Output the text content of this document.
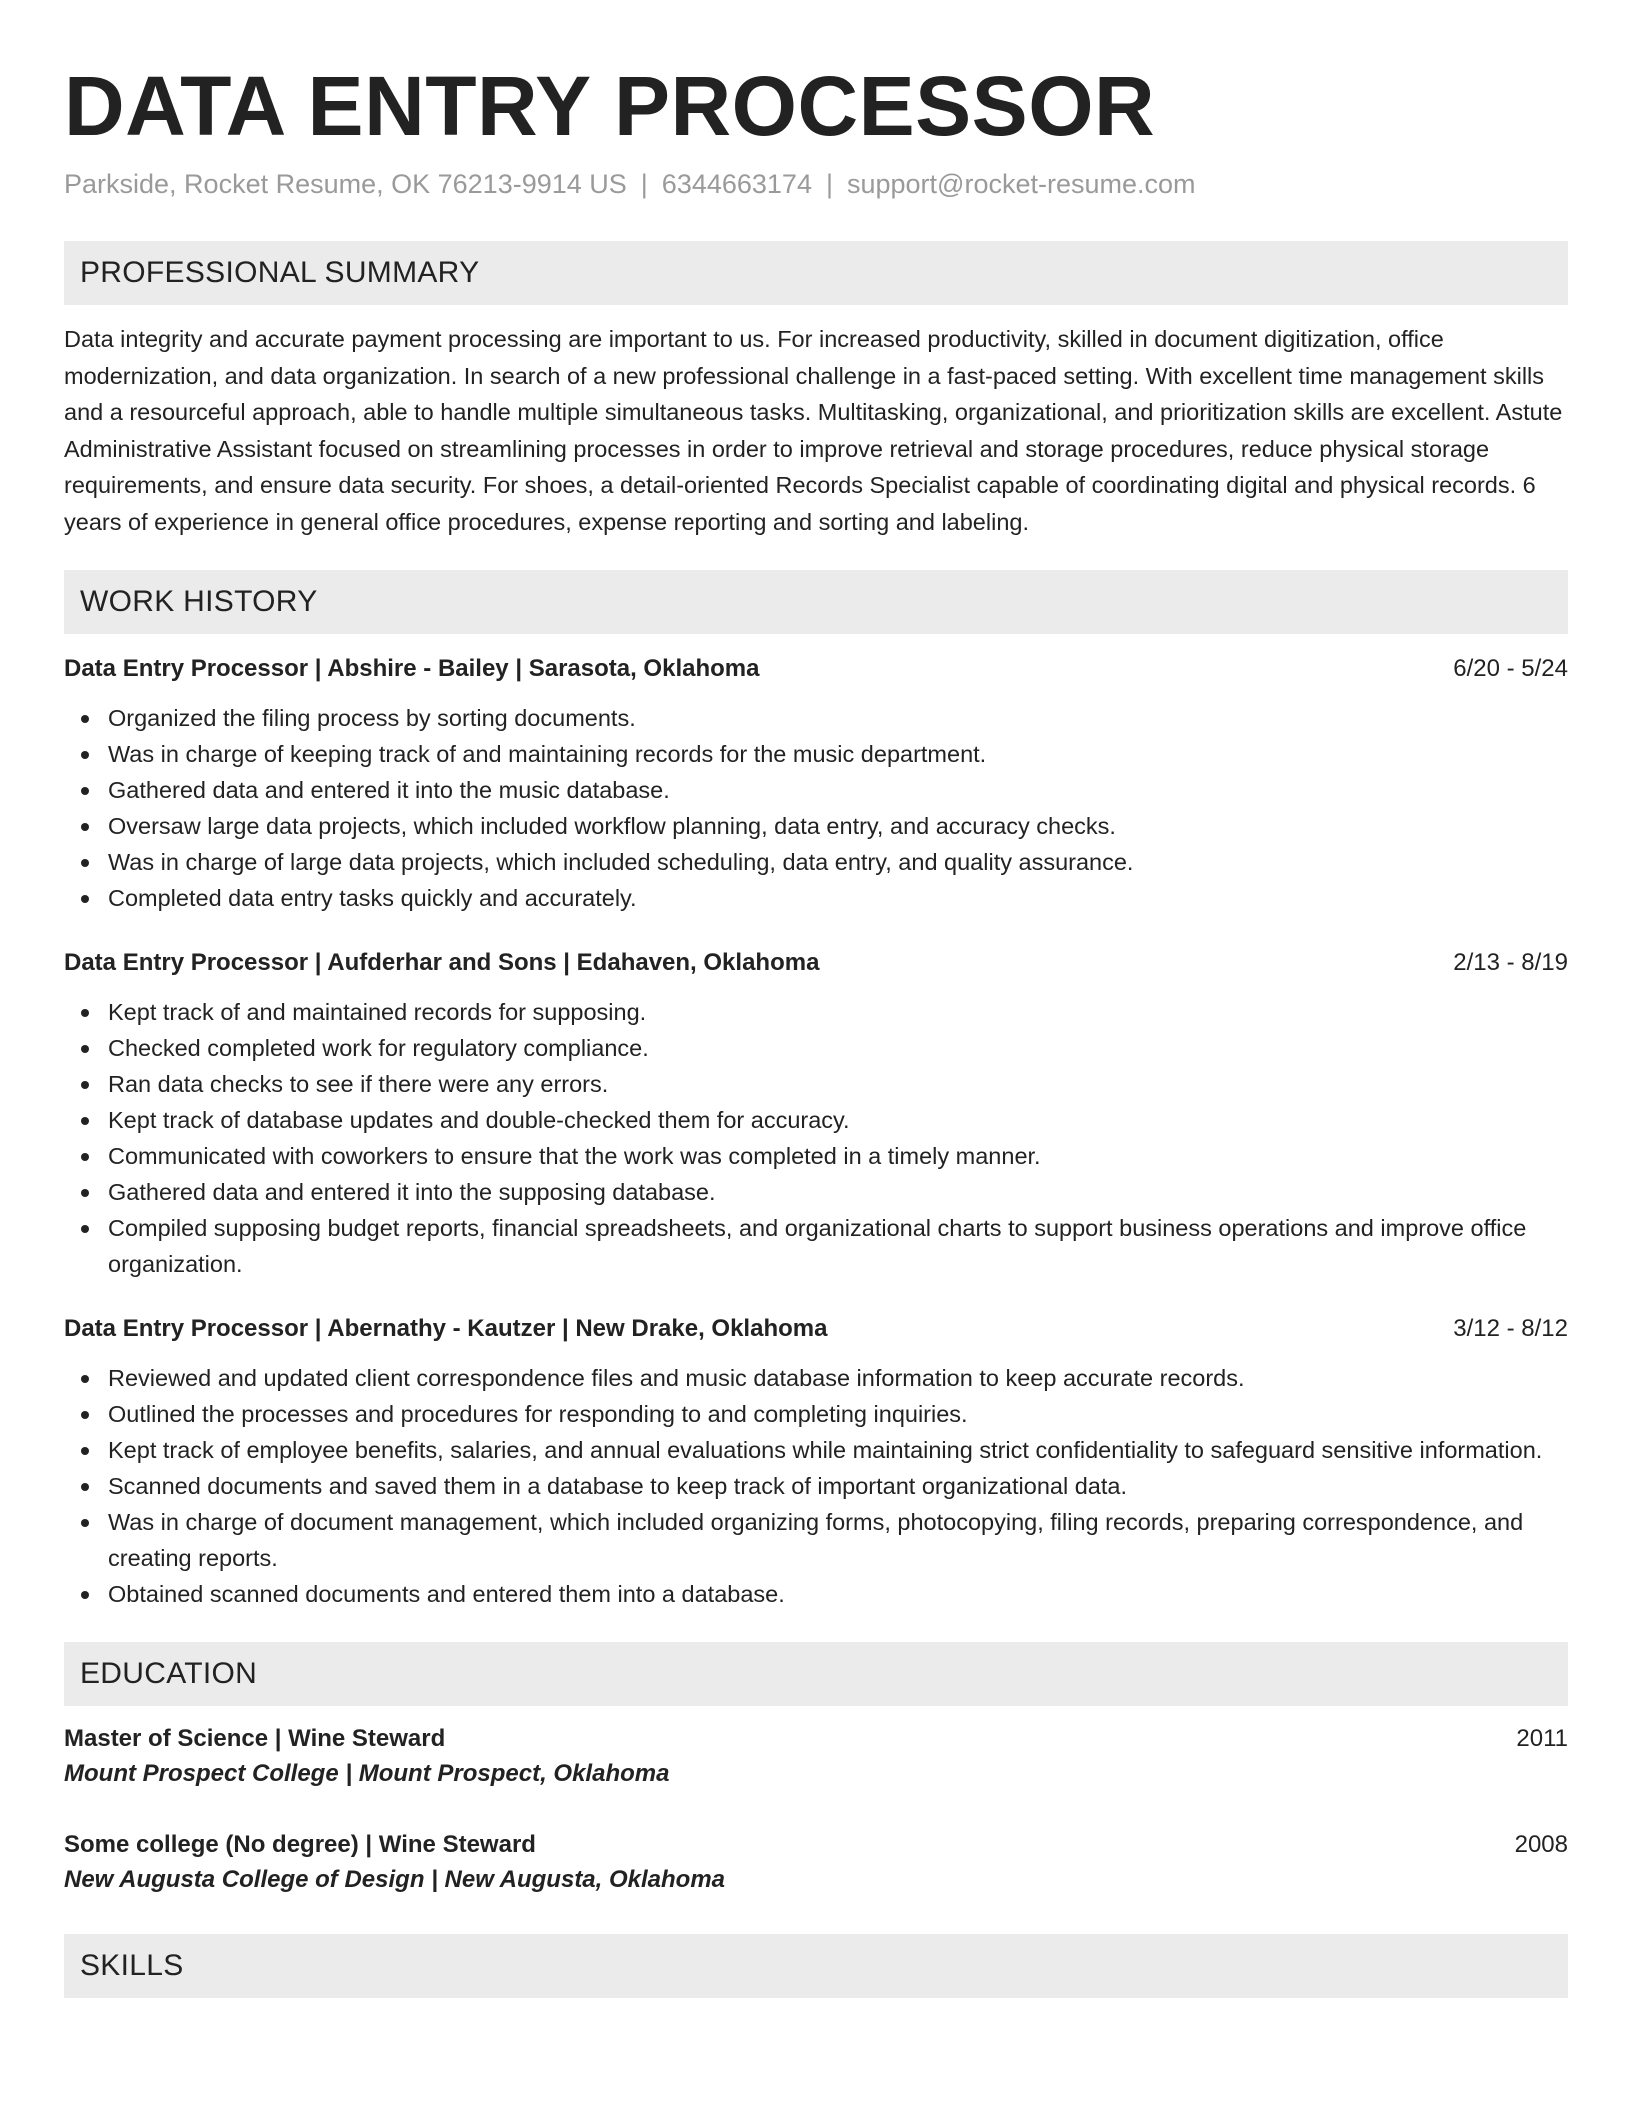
DATA ENTRY PROCESSOR
Parkside, Rocket Resume, OK 76213-9914 US | 6344663174 | support@rocket-resume.com
PROFESSIONAL SUMMARY

Data integrity and accurate payment processing are important to us. For increased productivity, skilled in document digitization, office modernization, and data organization. In search of a new professional challenge in a fast-paced setting. With excellent time management skills and a resourceful approach, able to handle multiple simultaneous tasks. Multitasking, organizational, and prioritization skills are excellent. Astute Administrative Assistant focused on streamlining processes in order to improve retrieval and storage procedures, reduce physical storage requirements, and ensure data security. For shoes, a detail-oriented Records Specialist capable of coordinating digital and physical records. 6 years of experience in general office procedures, expense reporting and sorting and labeling.

WORK HISTORY
Data Entry Processor | Abshire - Bailey | Sarasota, Oklahoma	6/20 - 5/24
Organized the filing process by sorting documents.
Was in charge of keeping track of and maintaining records for the music department.
Gathered data and entered it into the music database.
Oversaw large data projects, which included workflow planning, data entry, and accuracy checks.
Was in charge of large data projects, which included scheduling, data entry, and quality assurance.
Completed data entry tasks quickly and accurately.
Data Entry Processor | Aufderhar and Sons | Edahaven, Oklahoma	2/13 - 8/19
Kept track of and maintained records for supposing.
Checked completed work for regulatory compliance.
Ran data checks to see if there were any errors.
Kept track of database updates and double-checked them for accuracy.
Communicated with coworkers to ensure that the work was completed in a timely manner.
Gathered data and entered it into the supposing database.
Compiled supposing budget reports, financial spreadsheets, and organizational charts to support business operations and improve office organization.
Data Entry Processor | Abernathy - Kautzer | New Drake, Oklahoma	3/12 - 8/12
Reviewed and updated client correspondence files and music database information to keep accurate records.
Outlined the processes and procedures for responding to and completing inquiries.
Kept track of employee benefits, salaries, and annual evaluations while maintaining strict confidentiality to safeguard sensitive information.
Scanned documents and saved them in a database to keep track of important organizational data.
Was in charge of document management, which included organizing forms, photocopying, filing records, preparing correspondence, and creating reports.
Obtained scanned documents and entered them into a database.
EDUCATION
Master of Science | Wine Steward	2011
Mount Prospect College | Mount Prospect, Oklahoma
Some college (No degree) | Wine Steward	2008
New Augusta College of Design | New Augusta, Oklahoma
SKILLS
